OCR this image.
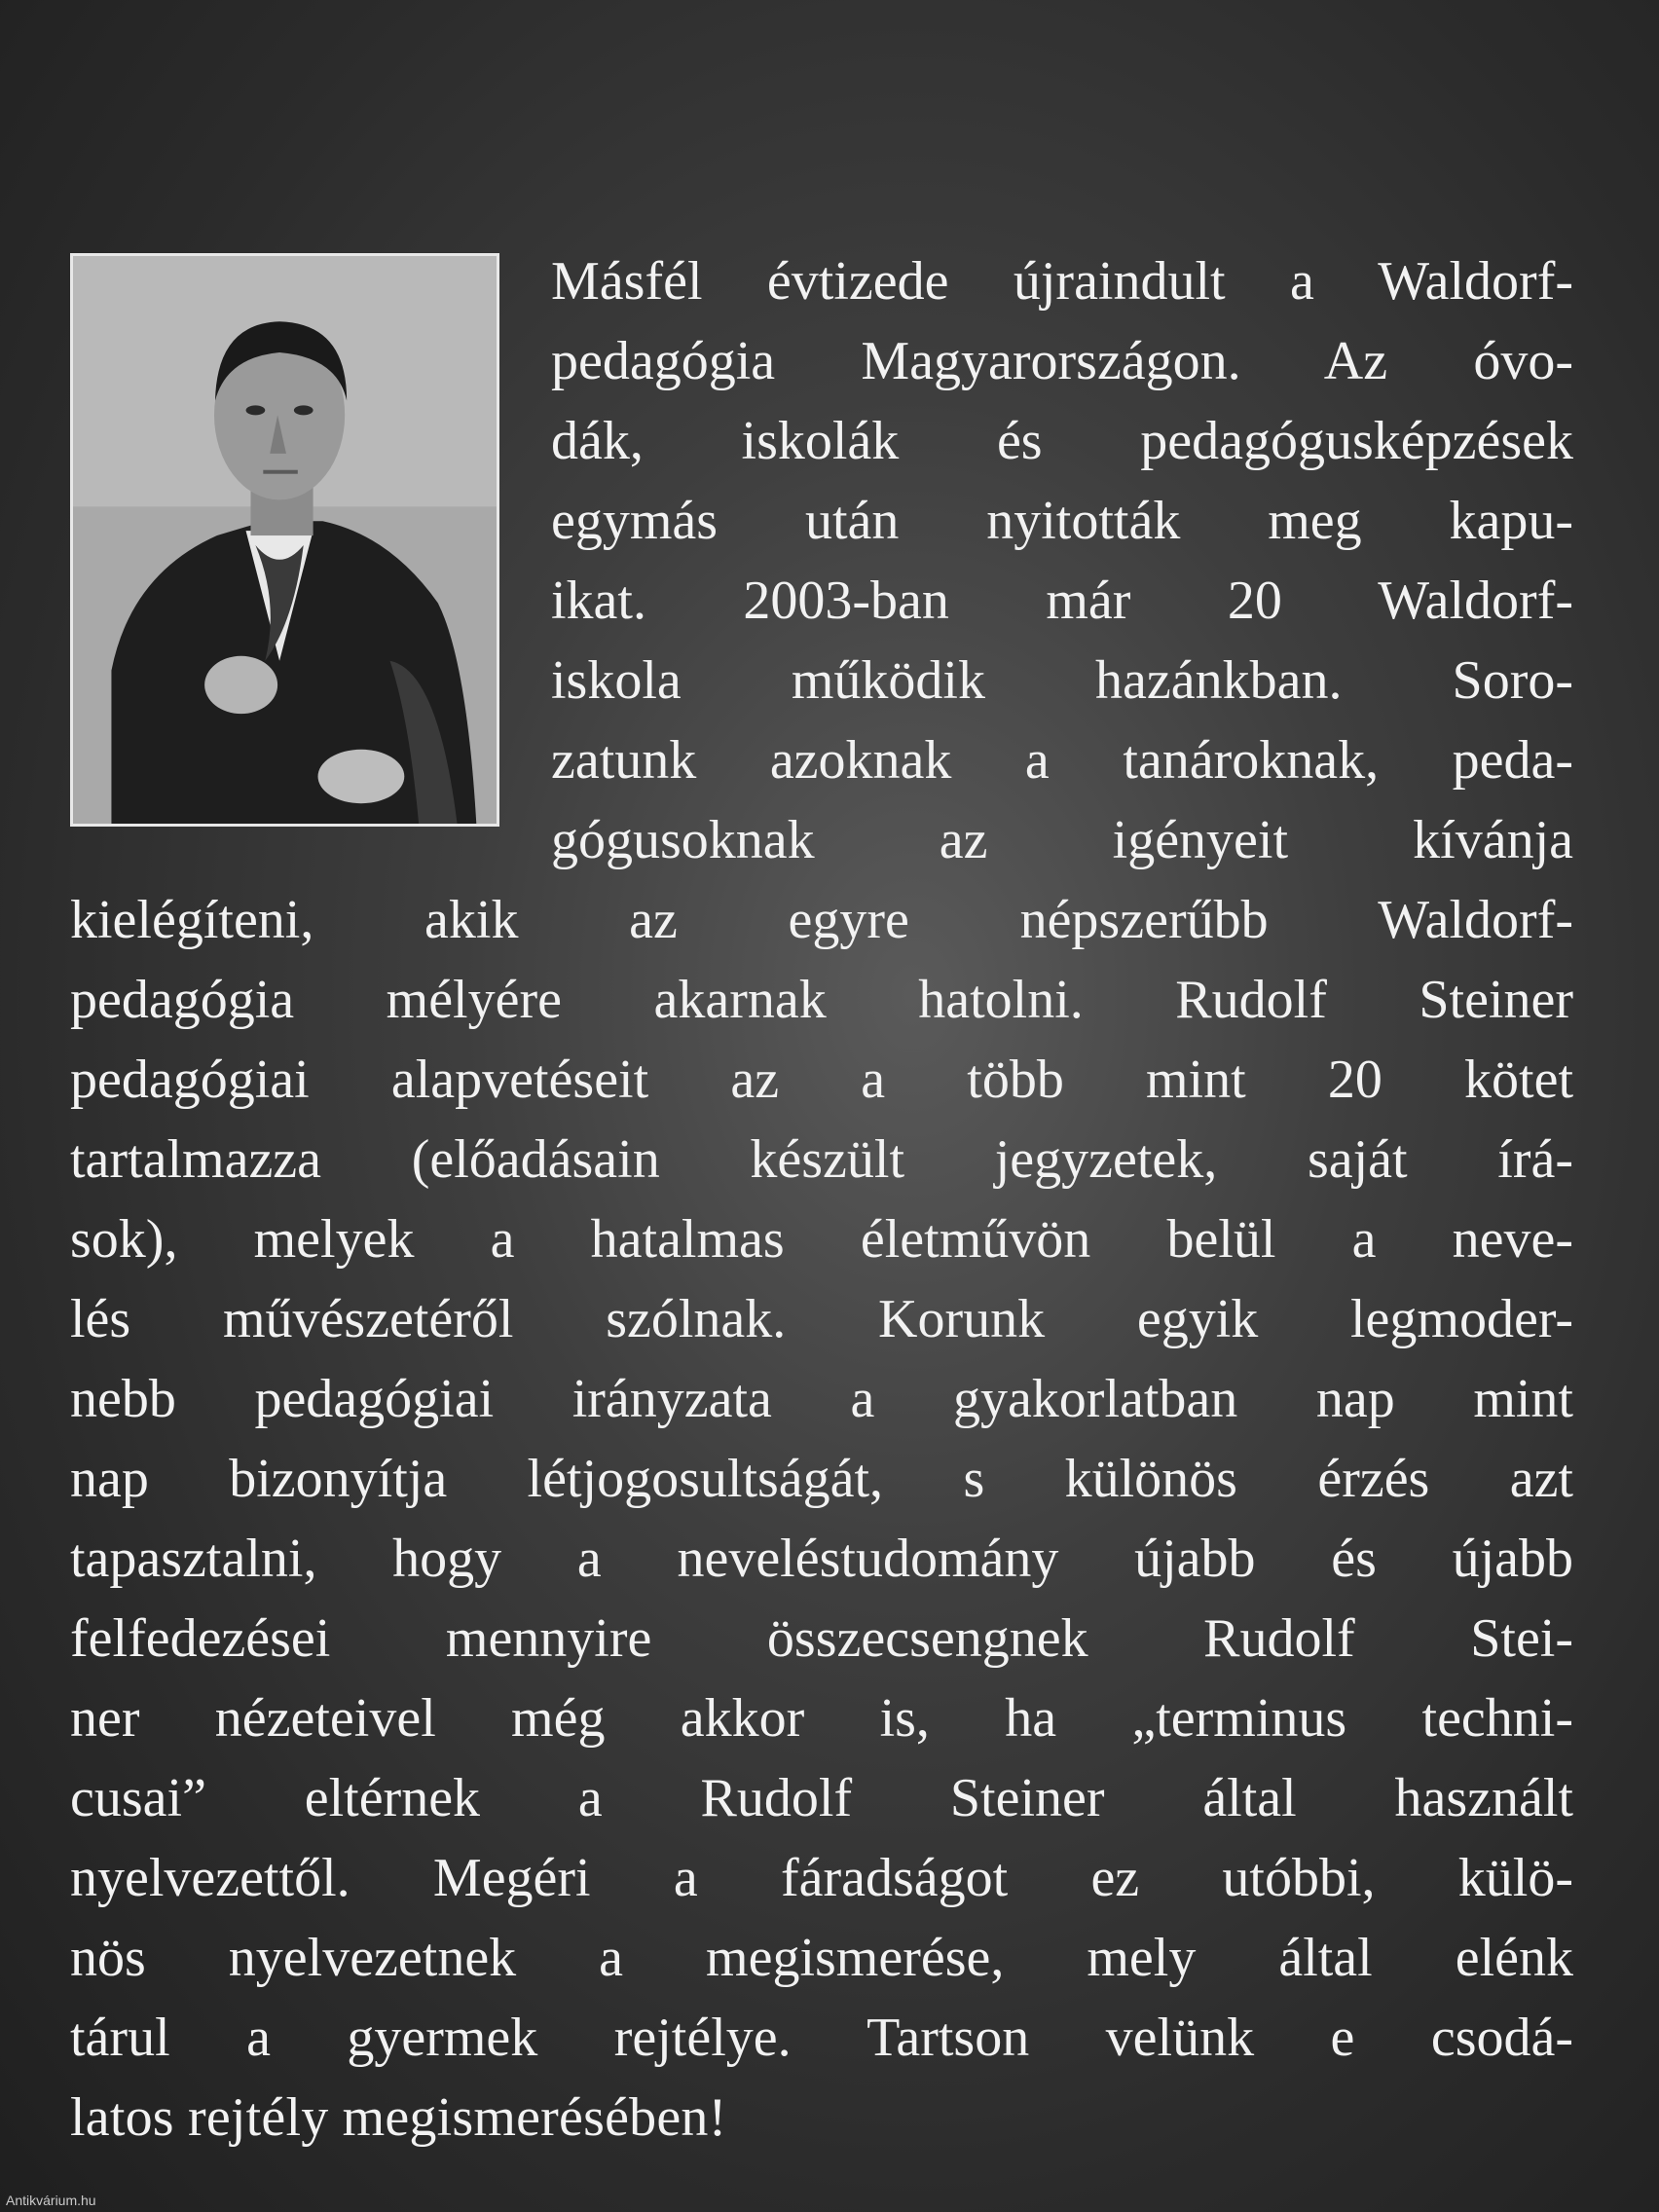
Másfél évtizede újraindult a Waldorf-
pedagógia Magyarországon. Az óvo-
dák, iskolák és pedagógusképzések
egymás után nyitották meg kapu-
ikat. 2003-ban már 20 Waldorf-
iskola működik hazánkban. Soro-
zatunk azoknak a tanároknak, peda-
gógusoknak az igényeit kívánja
kielégíteni, akik az egyre népszerűbb Waldorf-
pedagógia mélyére akarnak hatolni. Rudolf Steiner
pedagógiai alapvetéseit az a több mint 20 kötet
tartalmazza (előadásain készült jegyzetek, saját írá-
sok), melyek a hatalmas életművön belül a neve-
lés művészetéről szólnak. Korunk egyik legmoder-
nebb pedagógiai irányzata a gyakorlatban nap mint
nap bizonyítja létjogosultságát, s különös érzés azt
tapasztalni, hogy a neveléstudomány újabb és újabb
felfedezései mennyire összecsengnek Rudolf Stei-
ner nézeteivel még akkor is, ha „terminus techni-
cusai” eltérnek a Rudolf Steiner által használt
nyelvezettől. Megéri a fáradságot ez utóbbi, külö-
nös nyelvezetnek a megismerése, mely által elénk
tárul a gyermek rejtélye. Tartson velünk e csodá-
latos rejtély megismerésében!
Antikvárium.hu
